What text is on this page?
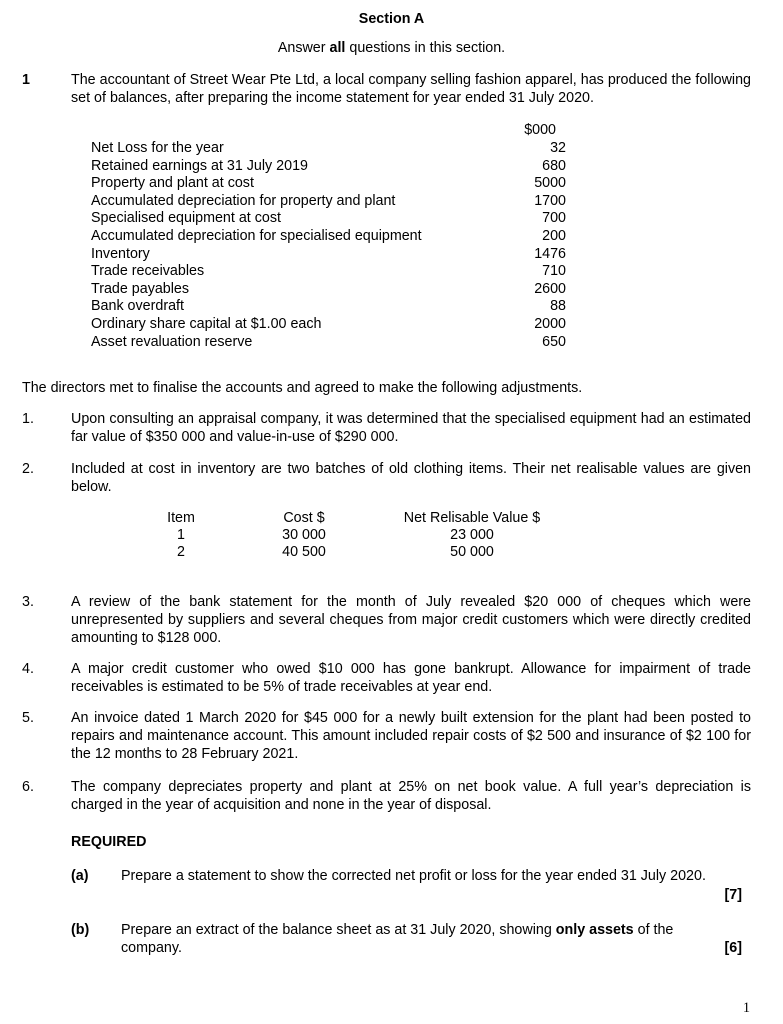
Section A
Answer all questions in this section.
1	The accountant of Street Wear Pte Ltd, a local company selling fashion apparel, has produced the following set of balances, after preparing the income statement for year ended 31 July 2020.
$000
Net Loss for the year	32
Retained earnings at 31 July 2019	680
Property and plant at cost	5000
Accumulated depreciation for property and plant	1700
Specialised equipment at cost	700
Accumulated depreciation for specialised equipment	200
Inventory	1476
Trade receivables	710
Trade payables	2600
Bank overdraft	88
Ordinary share capital at $1.00 each	2000
Asset revaluation reserve	650
The directors met to finalise the accounts and agreed to make the following adjustments.
1.	Upon consulting an appraisal company, it was determined that the specialised equipment had an estimated far value of $350 000 and value-in-use of $290 000.
2.	Included at cost in inventory are two batches of old clothing items. Their net realisable values are given below.
Item	Cost $	Net Relisable Value $
1	30 000	23 000
2	40 500	50 000
3.	A review of the bank statement for the month of July revealed $20 000 of cheques which were unrepresented by suppliers and several cheques from major credit customers which were directly credited amounting to $128 000.
4.	A major credit customer who owed $10 000 has gone bankrupt. Allowance for impairment of trade receivables is estimated to be 5% of trade receivables at year end.
5.	An invoice dated 1 March 2020 for $45 000 for a newly built extension for the plant had been posted to repairs and maintenance account. This amount included repair costs of $2 500 and insurance of $2 100 for the 12 months to 28 February 2021.
6.	The company depreciates property and plant at 25% on net book value. A full year’s depreciation is charged in the year of acquisition and none in the year of disposal.
REQUIRED
(a) Prepare a statement to show the corrected net profit or loss for the year ended 31 July 2020.
[7]
(b) Prepare an extract of the balance sheet as at 31 July 2020, showing only assets of the company.	[6]
1
